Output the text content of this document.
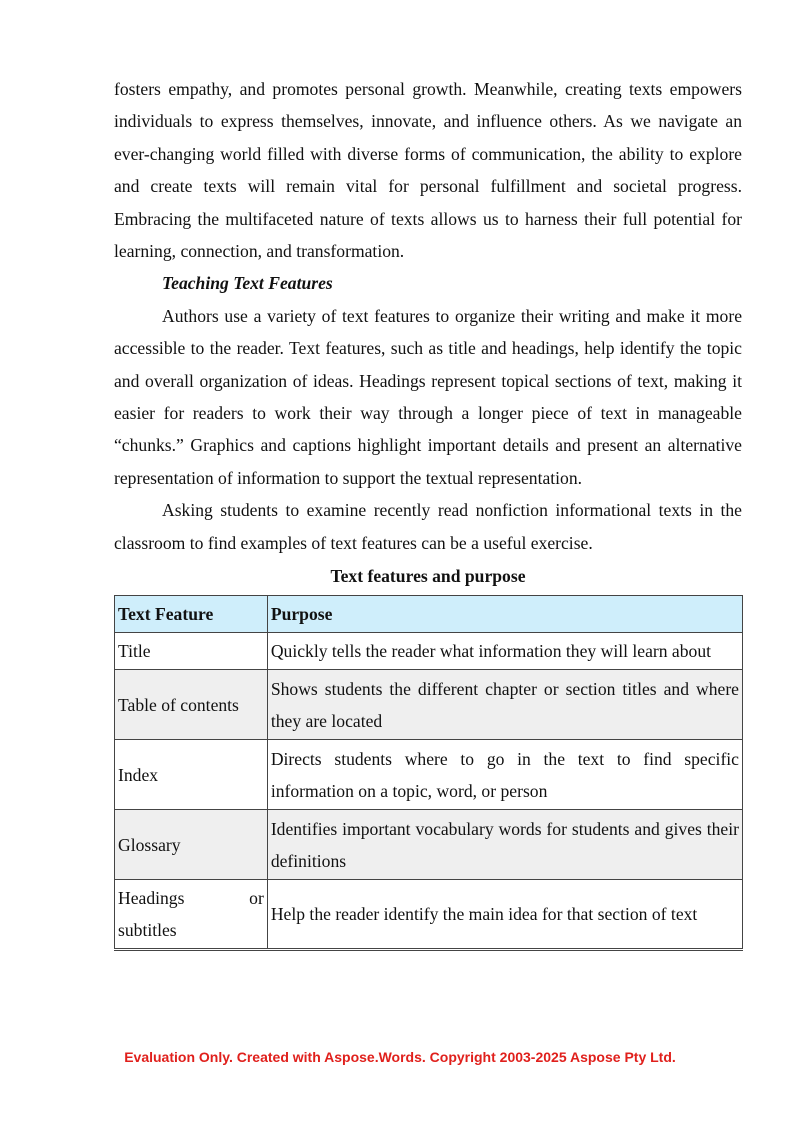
fosters empathy, and promotes personal growth. Meanwhile, creating texts empowers individuals to express themselves, innovate, and influence others. As we navigate an ever-changing world filled with diverse forms of communication, the ability to explore and create texts will remain vital for personal fulfillment and societal progress. Embracing the multifaceted nature of texts allows us to harness their full potential for learning, connection, and transformation.

Teaching Text Features

Authors use a variety of text features to organize their writing and make it more accessible to the reader. Text features, such as title and headings, help identify the topic and overall organization of ideas. Headings represent topical sections of text, making it easier for readers to work their way through a longer piece of text in manageable “chunks.” Graphics and captions highlight important details and present an alternative representation of information to support the textual representation.

Asking students to examine recently read nonfiction informational texts in the classroom to find examples of text features can be a useful exercise.

Text features and purpose
Text Feature	Purpose
Title	Quickly tells the reader what information they will learn about
Table of contents	Shows students the different chapter or section titles and where they are located
Index	Directs students where to go in the text to find specific information on a topic, word, or person
Glossary	Identifies important vocabulary words for students and gives their definitions
Headings or subtitles	Help the reader identify the main idea for that section of text
Evaluation Only. Created with Aspose.Words. Copyright 2003-2025 Aspose Pty Ltd.
